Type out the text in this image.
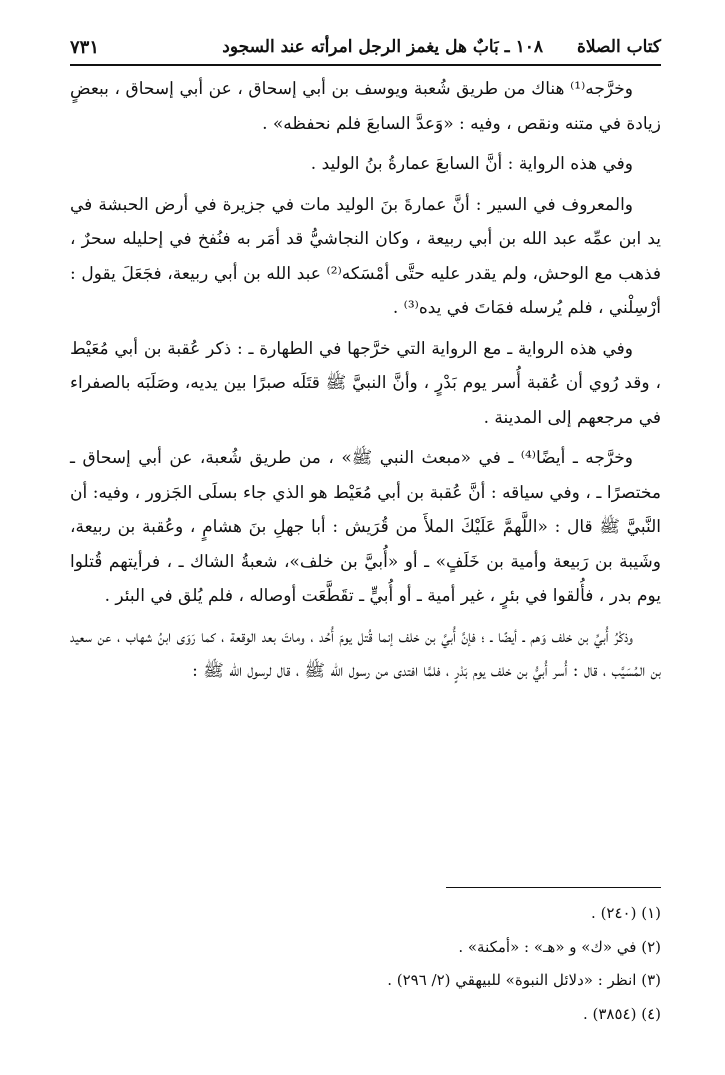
كتاب الصلاة
١٠٨ ـ بَابٌ هل يغمز الرجل امرأته عند السجود
٧٣١

وخرَّجه⁽¹⁾ هناك من طريق شُعبة ويوسف بن أبي إسحاق ، عن أبي إسحاق ، ببعضٍ زيادة في متنه ونقص ، وفيه : «وَعدَّ السابعَ فلم نحفظه» .

وفي هذه الرواية : أنَّ السابعَ عمارةُ بنُ الوليد .

والمعروف في السير : أنَّ عمارةَ بنَ الوليد مات في جزيرة في أرض الحبشة في يد ابن عمِّه عبد الله بن أبي ربيعة ، وكان النجاشيُّ قد أمَر به فنُفخ في إحليله سحرٌ ، فذهب مع الوحش، ولم يقدر عليه حتَّى أمْسَكه⁽²⁾ عبد الله بن أبي ربيعة، فجَعَلَ يقول : أرْسِلْني ، فلم يُرسله فمَاتَ في يده⁽³⁾ .

وفي هذه الرواية ـ مع الرواية التي خرَّجها في الطهارة ـ : ذكر عُقبة بن أبي مُعَيْط ، وقد رُوي أن عُقبة أُسر يوم بَدْرٍ ، وأنَّ النبيَّ ﷺ قتَلَه صبرًا بين يديه، وصَلَبَه بالصفراء في مرجعهم إلى المدينة .

وخرَّجه ـ أيضًا⁽⁴⁾ ـ في «مبعث النبي ﷺ» ، من طريق شُعبة، عن أبي إسحاق ـ مختصرًا ـ ، وفي سياقه : أنَّ عُقبة بن أبي مُعَيْط هو الذي جاء بسلَى الجَزور ، وفيه: أن النَّبيَّ ﷺ قال : «اللَّهمَّ عَلَيْكَ الملأَ من قُرَيش : أبا جهلِ بنَ هشامٍ ، وعُقبة بن ربيعة، وشَيبة بن رَبيعة وأمية بن خَلَفٍ» ـ أو «أُبيَّ بن خلف»، شعبةُ الشاك ـ ، فرأيتهم قُتلوا يوم بدر ، فأُلقوا في بئرٍ ، غير أمية ـ أو أُبيٍّ ـ تقَطَّعَت أوصاله ، فلم يُلق في البئر .

وذكْرُ أُبيِّ بن خلف وَهم ـ أيضًا ـ ؛ فإنَّ أُبيَّ بن خلف إنما قُتل يومَ أُحُد ، وماتَ بعد الوقعة ، كما رَوَى ابنُ شهاب ، عن سعيد بن المُسَيَّب ، قال : أُسر أُبيُّ بن خلف يوم بَدْرٍ ، فلمَّا افتدى من رسول الله ﷺ ، قال لرسول الله ﷺ :

(١) (٢٤٠) .
(٢) في «ك» و «هـ» : «أمكنة» .
(٣) انظر : «دلائل النبوة» للبيهقي (٢/ ٢٩٦) .
(٤) (٣٨٥٤) .
